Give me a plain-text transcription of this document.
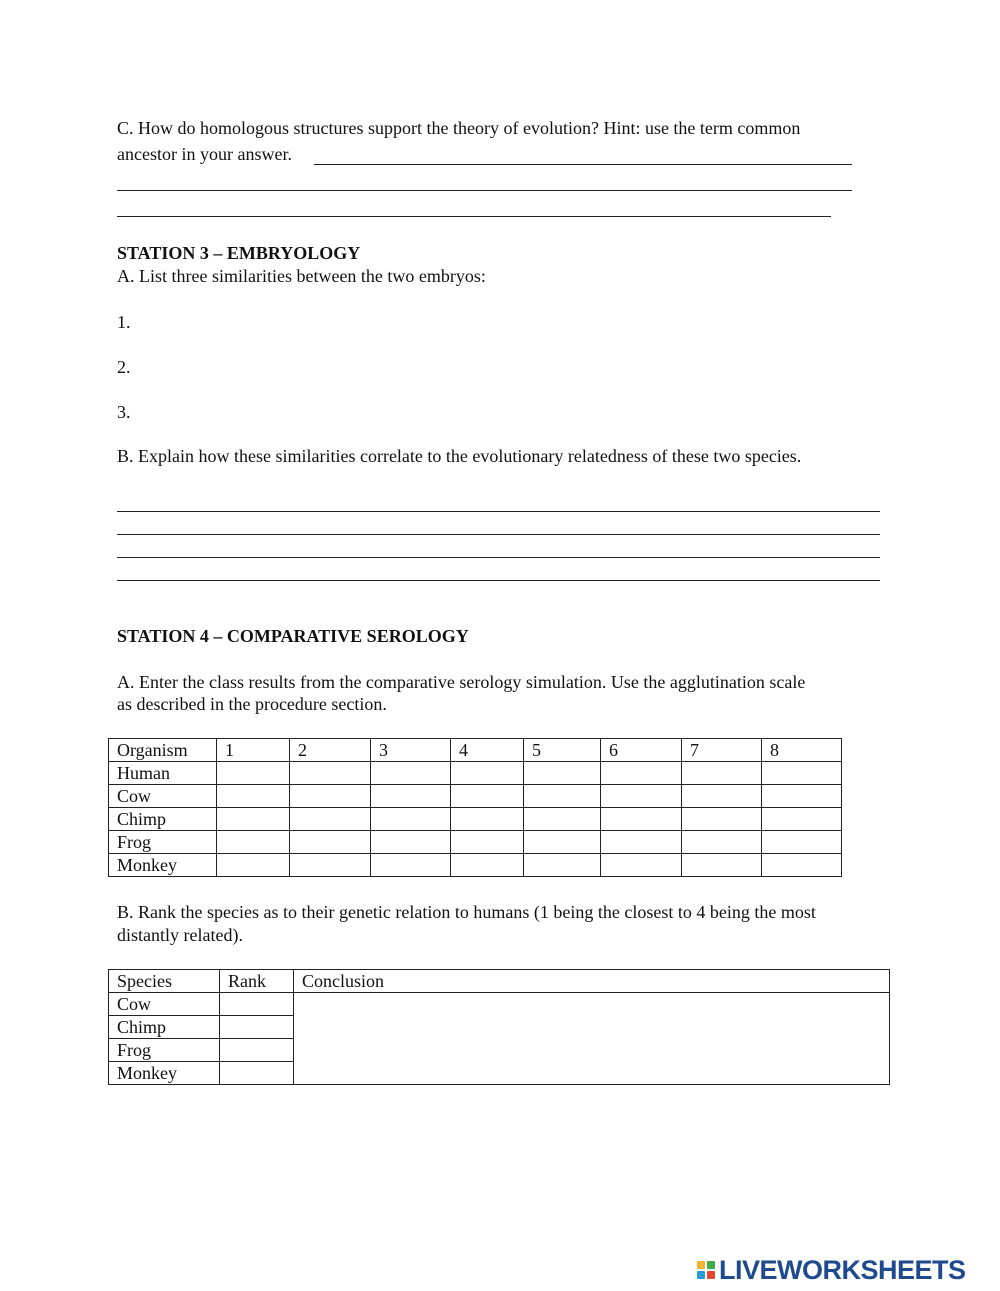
C. How do homologous structures support the theory of evolution? Hint: use the term common
ancestor in your answer.
STATION 3 – EMBRYOLOGY
A. List three similarities between the two embryos:
1.
2.
3.
B. Explain how these similarities correlate to the evolutionary relatedness of these two species.
STATION 4 – COMPARATIVE SEROLOGY
A. Enter the class results from the comparative serology simulation. Use the agglutination scale
as described in the procedure section.
Organism	1	2	3	4	5	6	7	8
Human								
Cow								
Chimp								
Frog								
Monkey								
B. Rank the species as to their genetic relation to humans (1 being the closest to 4 being the most
distantly related).
Species	Rank	Conclusion
Cow		
Chimp		
Frog		
Monkey		
LIVEWORKSHEETS
